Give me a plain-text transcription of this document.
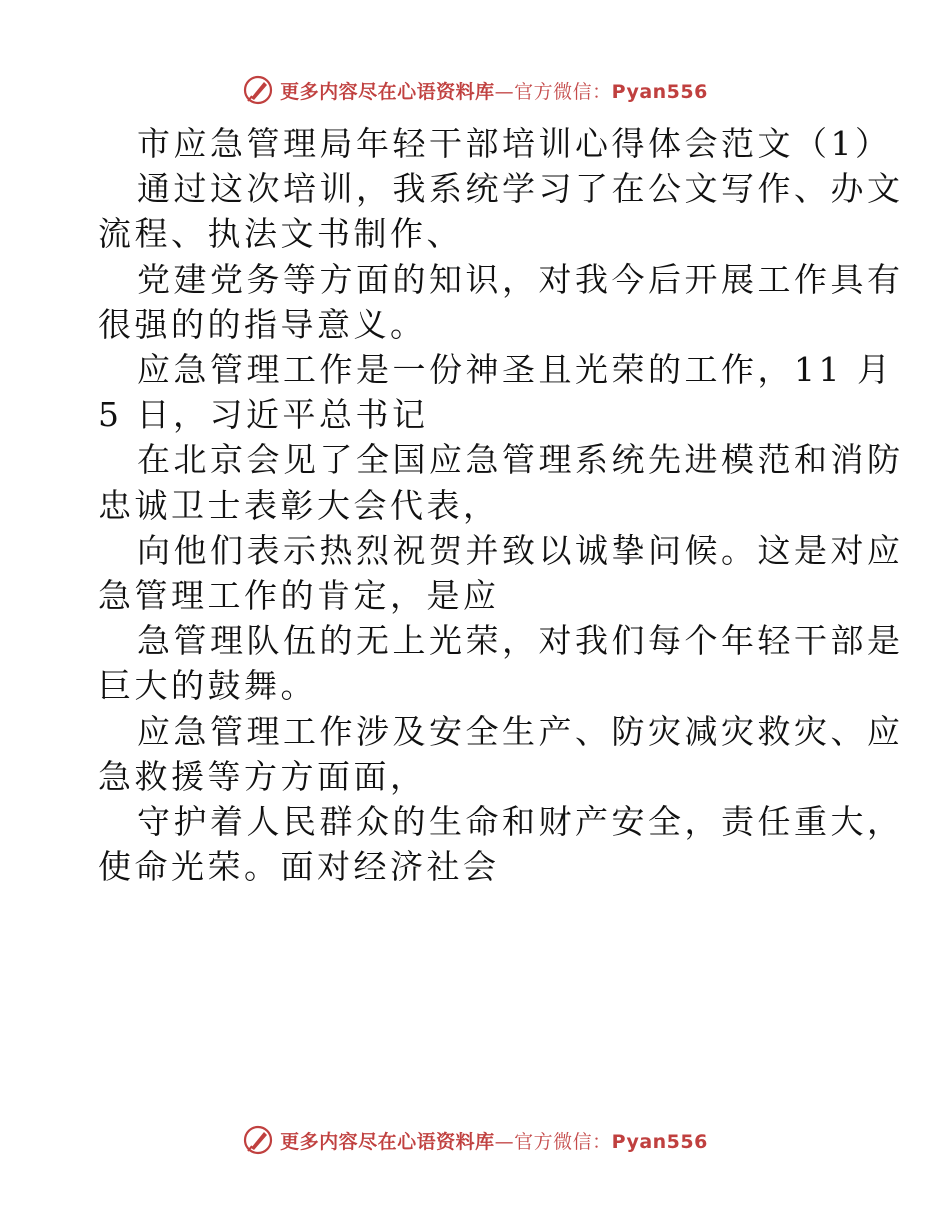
更多内容尽在心语资料库—官方微信：Pyan556

市应急管理局年轻干部培训心得体会范文（1）

通过这次培训，我系统学习了在公文写作、办文

流程、执法文书制作、

党建党务等方面的知识，对我今后开展工作具有

很强的的指导意义。

应急管理工作是一份神圣且光荣的工作，11 月

5 日，习近平总书记

在北京会见了全国应急管理系统先进模范和消防

忠诚卫士表彰大会代表，

向他们表示热烈祝贺并致以诚挚问候。这是对应

急管理工作的肯定，是应

急管理队伍的无上光荣，对我们每个年轻干部是

巨大的鼓舞。

应急管理工作涉及安全生产、防灾减灾救灾、应

急救援等方方面面，

守护着人民群众的生命和财产安全，责任重大，

使命光荣。面对经济社会

更多内容尽在心语资料库—官方微信：Pyan556
